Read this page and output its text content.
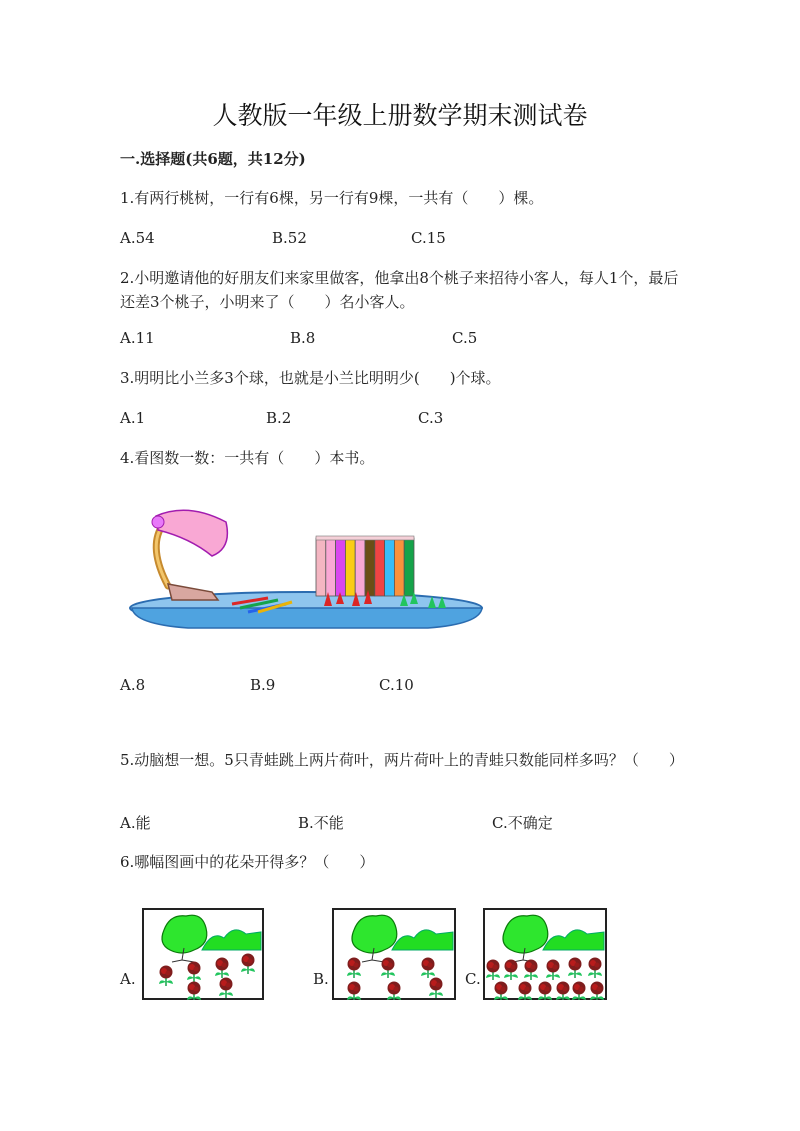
人教版一年级上册数学期末测试卷
一.选择题(共6题，共12分)
1.有两行桃树，一行有6棵，另一行有9棵，一共有（　　）棵。
A.54	B.52	C.15
2.小明邀请他的好朋友们来家里做客，他拿出8个桃子来招待小客人，每人1个，最后还差3个桃子，小明来了（　　）名小客人。
A.11	B.8	C.5
3.明明比小兰多3个球，也就是小兰比明明少(　　)个球。
A.1	B.2	C.3
4.看图数一数：一共有（　　）本书。
A.8	B.9	C.10
5.动脑想一想。5只青蛙跳上两片荷叶，两片荷叶上的青蛙只数能同样多吗？（　　）
A.能	B.不能	C.不确定
6.哪幅图画中的花朵开得多？（　　）
A.	B.	C.
